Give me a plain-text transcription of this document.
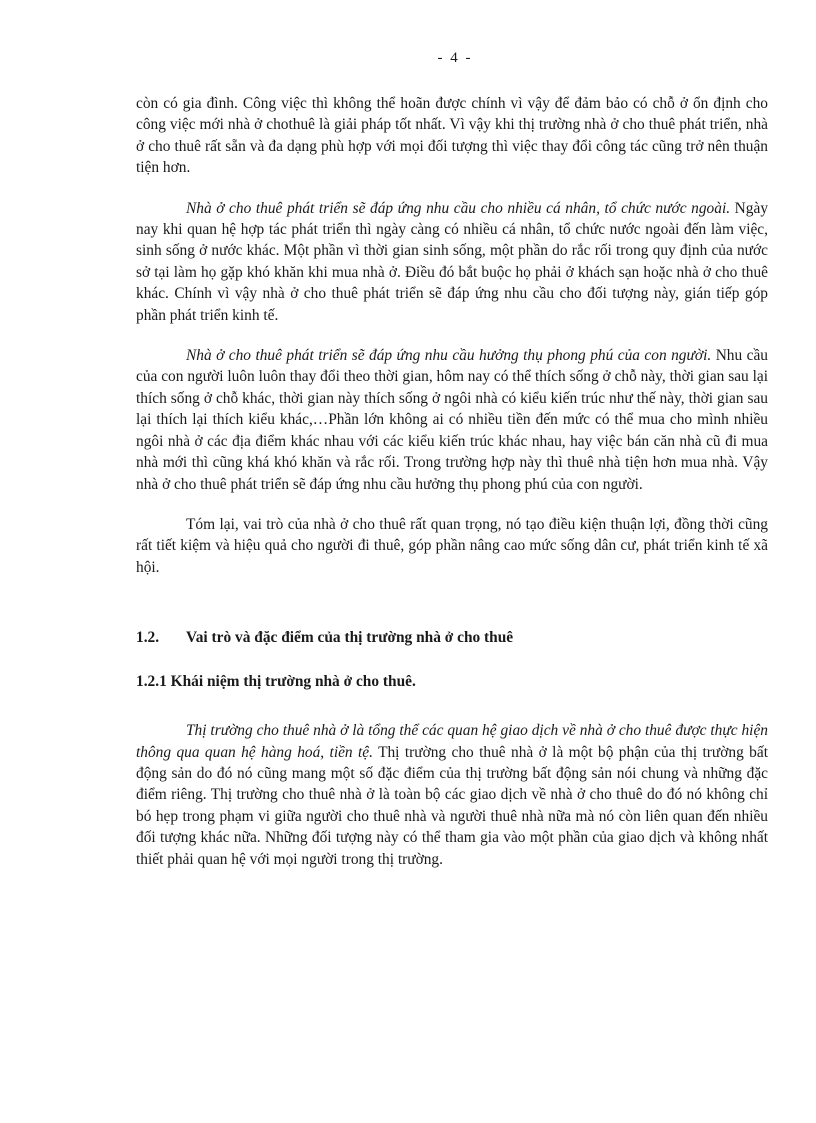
- 4 -

còn có gia đình. Công việc thì không thể hoãn được chính vì vậy để đảm bảo có chỗ ở ổn định cho công việc mới nhà ở chothuê là giải pháp tốt nhất. Vì vậy khi thị trường nhà ở cho thuê phát triển, nhà ở cho thuê rất sẵn và đa dạng phù hợp với mọi đối tượng thì việc thay đổi công tác cũng trở nên thuận tiện hơn.

Nhà ở cho thuê phát triển sẽ đáp ứng nhu cầu cho nhiều cá nhân, tổ chức nước ngoài. Ngày nay khi quan hệ hợp tác phát triển thì ngày càng có nhiều cá nhân, tổ chức nước ngoài đến làm việc, sinh sống ở nước khác. Một phần vì thời gian sinh sống, một phần do rắc rối trong quy định của nước sở tại làm họ gặp khó khăn khi mua nhà ở. Điều đó bắt buộc họ phải ở khách sạn hoặc nhà ở cho thuê khác. Chính vì vậy nhà ở cho thuê phát triển sẽ đáp ứng nhu cầu cho đối tượng này, gián tiếp góp phần phát triển kinh tế.

Nhà ở cho thuê phát triển sẽ đáp ứng nhu cầu hưởng thụ phong phú của con người. Nhu cầu của con người luôn luôn thay đổi theo thời gian, hôm nay có thể thích sống ở chỗ này, thời gian sau lại thích sống ở chỗ khác, thời gian này thích sống ở ngôi nhà có kiểu kiến trúc như thế này, thời gian sau lại thích lại thích kiểu khác,…Phần lớn không ai có nhiều tiền đến mức có thể mua cho mình nhiều ngôi nhà ở các địa điểm khác nhau với các kiểu kiến trúc khác nhau, hay việc bán căn nhà cũ đi mua nhà mới thì cũng khá khó khăn và rắc rối. Trong trường hợp này thì thuê nhà tiện hơn mua nhà. Vậy nhà ở cho thuê phát triển sẽ đáp ứng nhu cầu hưởng thụ phong phú của con người.

Tóm lại, vai trò của nhà ở cho thuê rất quan trọng, nó tạo điều kiện thuận lợi, đồng thời cũng rất tiết kiệm và hiệu quả cho người đi thuê, góp phần nâng cao mức sống dân cư, phát triển kinh tế xã hội.

1.2. Vai trò và đặc điểm của thị trường nhà ở cho thuê
1.2.1 Khái niệm thị trường nhà ở cho thuê.

Thị trường cho thuê nhà ở là tổng thể các quan hệ giao dịch về nhà ở cho thuê được thực hiện thông qua quan hệ hàng hoá, tiền tệ. Thị trường cho thuê nhà ở là một bộ phận của thị trường bất động sản do đó nó cũng mang một số đặc điểm của thị trường bất động sản nói chung và những đặc điểm riêng. Thị trường cho thuê nhà ở là toàn bộ các giao dịch về nhà ở cho thuê do đó nó không chỉ bó hẹp trong phạm vi giữa người cho thuê nhà và người thuê nhà nữa mà nó còn liên quan đến nhiều đối tượng khác nữa. Những đối tượng này có thể tham gia vào một phần của giao dịch và không nhất thiết phải quan hệ với mọi người trong thị trường.
